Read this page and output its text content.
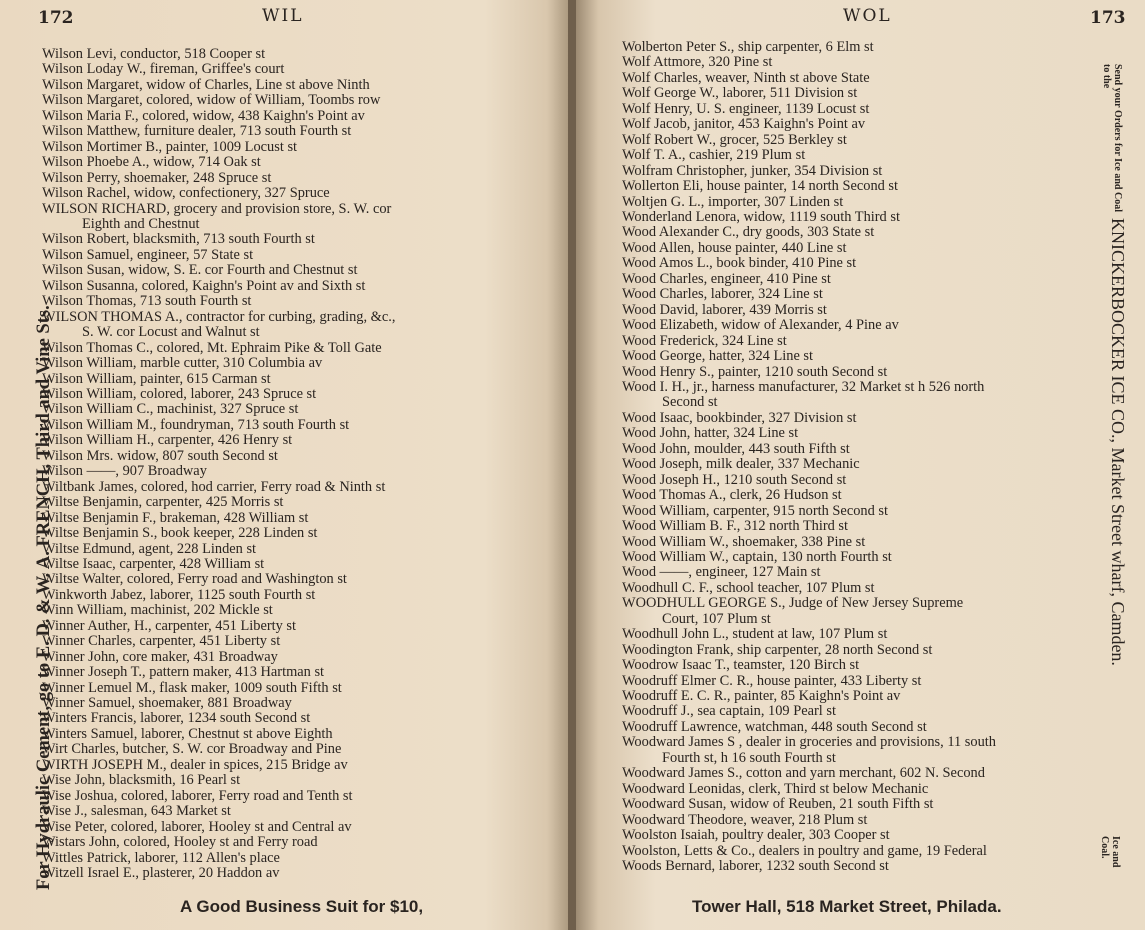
172	WIL
For Hydraulic Cement, go to E. D. & W. A. FRENCH, Third and Vine Sts.
Wilson Levi, conductor, 518 Cooper st
Wilson Loday W., fireman, Griffee's court
Wilson Margaret, widow of Charles, Line st above Ninth
Wilson Margaret, colored, widow of William, Toombs row
Wilson Maria F., colored, widow, 438 Kaighn's Point av
Wilson Matthew, furniture dealer, 713 south Fourth st
Wilson Mortimer B., painter, 1009 Locust st
Wilson Phoebe A., widow, 714 Oak st
Wilson Perry, shoemaker, 248 Spruce st
Wilson Rachel, widow, confectionery, 327 Spruce
WILSON RICHARD, grocery and provision store, S. W. cor
Eighth and Chestnut
Wilson Robert, blacksmith, 713 south Fourth st
Wilson Samuel, engineer, 57 State st
Wilson Susan, widow, S. E. cor Fourth and Chestnut st
Wilson Susanna, colored, Kaighn's Point av and Sixth st
Wilson Thomas, 713 south Fourth st
WILSON THOMAS A., contractor for curbing, grading, &c.,
S. W. cor Locust and Walnut st
Wilson Thomas C., colored, Mt. Ephraim Pike & Toll Gate
Wilson William, marble cutter, 310 Columbia av
Wilson William, painter, 615 Carman st
Wilson William, colored, laborer, 243 Spruce st
Wilson William C., machinist, 327 Spruce st
Wilson William M., foundryman, 713 south Fourth st
Wilson William H., carpenter, 426 Henry st
Wilson Mrs. widow, 807 south Second st
Wilson ——, 907 Broadway
Wiltbank James, colored, hod carrier, Ferry road & Ninth st
Wiltse Benjamin, carpenter, 425 Morris st
Wiltse Benjamin F., brakeman, 428 William st
Wiltse Benjamin S., book keeper, 228 Linden st
Wiltse Edmund, agent, 228 Linden st
Wiltse Isaac, carpenter, 428 William st
Wiltse Walter, colored, Ferry road and Washington st
Winkworth Jabez, laborer, 1125 south Fourth st
Winn William, machinist, 202 Mickle st
Winner Auther, H., carpenter, 451 Liberty st
Winner Charles, carpenter, 451 Liberty st
Winner John, core maker, 431 Broadway
Winner Joseph T., pattern maker, 413 Hartman st
Winner Lemuel M., flask maker, 1009 south Fifth st
Winner Samuel, shoemaker, 881 Broadway
Winters Francis, laborer, 1234 south Second st
Winters Samuel, laborer, Chestnut st above Eighth
Wirt Charles, butcher, S. W. cor Broadway and Pine
WIRTH JOSEPH M., dealer in spices, 215 Bridge av
Wise John, blacksmith, 16 Pearl st
Wise Joshua, colored, laborer, Ferry road and Tenth st
Wise J., salesman, 643 Market st
Wise Peter, colored, laborer, Hooley st and Central av
Wistars John, colored, Hooley st and Ferry road
Wittles Patrick, laborer, 112 Allen's place
Witzell Israel E., plasterer, 20 Haddon av
A Good Business Suit for $10,
WOL	173
Wolberton Peter S., ship carpenter, 6 Elm st
Wolf Attmore, 320 Pine st
Wolf Charles, weaver, Ninth st above State
Wolf George W., laborer, 511 Division st
Wolf Henry, U. S. engineer, 1139 Locust st
Wolf Jacob, janitor, 453 Kaighn's Point av
Wolf Robert W., grocer, 525 Berkley st
Wolf T. A., cashier, 219 Plum st
Wolfram Christopher, junker, 354 Division st
Wollerton Eli, house painter, 14 north Second st
Woltjen G. L., importer, 307 Linden st
Wonderland Lenora, widow, 1119 south Third st
Wood Alexander C., dry goods, 303 State st
Wood Allen, house painter, 440 Line st
Wood Amos L., book binder, 410 Pine st
Wood Charles, engineer, 410 Pine st
Wood Charles, laborer, 324 Line st
Wood David, laborer, 439 Morris st
Wood Elizabeth, widow of Alexander, 4 Pine av
Wood Frederick, 324 Line st
Wood George, hatter, 324 Line st
Wood Henry S., painter, 1210 south Second st
Wood I. H., jr., harness manufacturer, 32 Market st h 526 north
Second st
Wood Isaac, bookbinder, 327 Division st
Wood John, hatter, 324 Line st
Wood John, moulder, 443 south Fifth st
Wood Joseph, milk dealer, 337 Mechanic
Wood Joseph H., 1210 south Second st
Wood Thomas A., clerk, 26 Hudson st
Wood William, carpenter, 915 north Second st
Wood William B. F., 312 north Third st
Wood William W., shoemaker, 338 Pine st
Wood William W., captain, 130 north Fourth st
Wood ——, engineer, 127 Main st
Woodhull C. F., school teacher, 107 Plum st
WOODHULL GEORGE S., Judge of New Jersey Supreme
Court, 107 Plum st
Woodhull John L., student at law, 107 Plum st
Woodington Frank, ship carpenter, 28 north Second st
Woodrow Isaac T., teamster, 120 Birch st
Woodruff Elmer C. R., house painter, 433 Liberty st
Woodruff E. C. R., painter, 85 Kaighn's Point av
Woodruff J., sea captain, 109 Pearl st
Woodruff Lawrence, watchman, 448 south Second st
Woodward James S , dealer in groceries and provisions, 11 south
Fourth st, h 16 south Fourth st
Woodward James S., cotton and yarn merchant, 602 N. Second
Woodward Leonidas, clerk, Third st below Mechanic
Woodward Susan, widow of Reuben, 21 south Fifth st
Woodward Theodore, weaver, 218 Plum st
Woolston Isaiah, poultry dealer, 303 Cooper st
Woolston, Letts & Co., dealers in poultry and game, 19 Federal
Woods Bernard, laborer, 1232 south Second st
Send your Orders for Ice and Coal to the
KNICKERBOCKER ICE CO., Market Street wharf, Camden.
Ice and Coal.
Tower Hall, 518 Market Street, Philada.
